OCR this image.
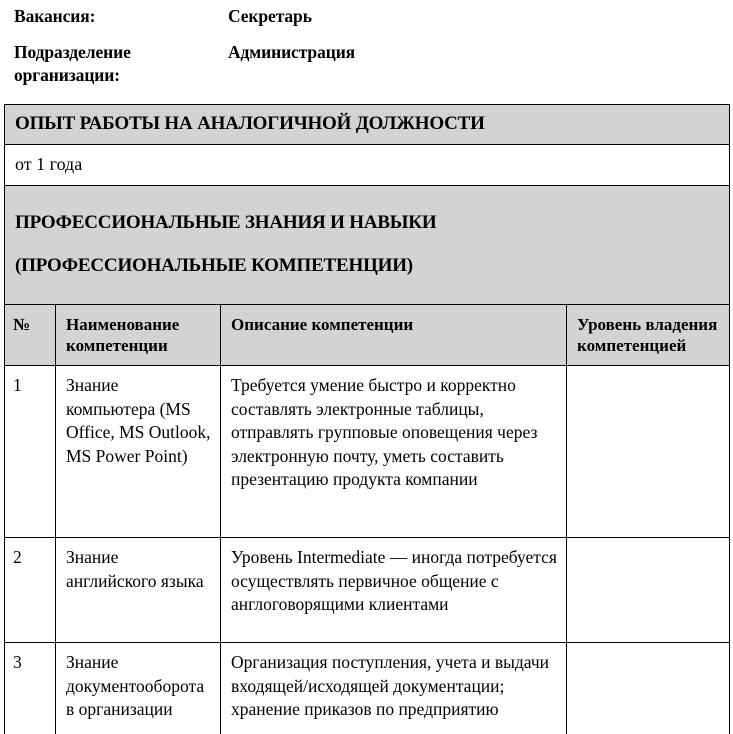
Вакансия:	Секретарь
Подразделение организации:
Администрация
ОПЫТ РАБОТЫ НА АНАЛОГИЧНОЙ ДОЛЖНОСТИ			
от 1 года			

ПРОФЕССИОНАЛЬНЫЕ ЗНАНИЯ И НАВЫКИ

(ПРОФЕССИОНАЛЬНЫЕ КОМПЕТЕНЦИИ)			

№	Наименование компетенции	Описание компетенции	Уровень владения компетенцией
1	Знание компьютера (MS Office, MS Outlook, MS Power Point)	Требуется умение быстро и корректно составлять электронные таблицы, отправлять групповые оповещения через электронную почту, уметь составить презентацию продукта компании	
2	Знание английского языка	Уровень Intermediate — иногда потребуется осуществлять первичное общение с англоговорящими клиентами	
3	Знание документооборота в организации	Организация поступления, учета и выдачи входящей/исходящей документации; хранение приказов по предприятию	
